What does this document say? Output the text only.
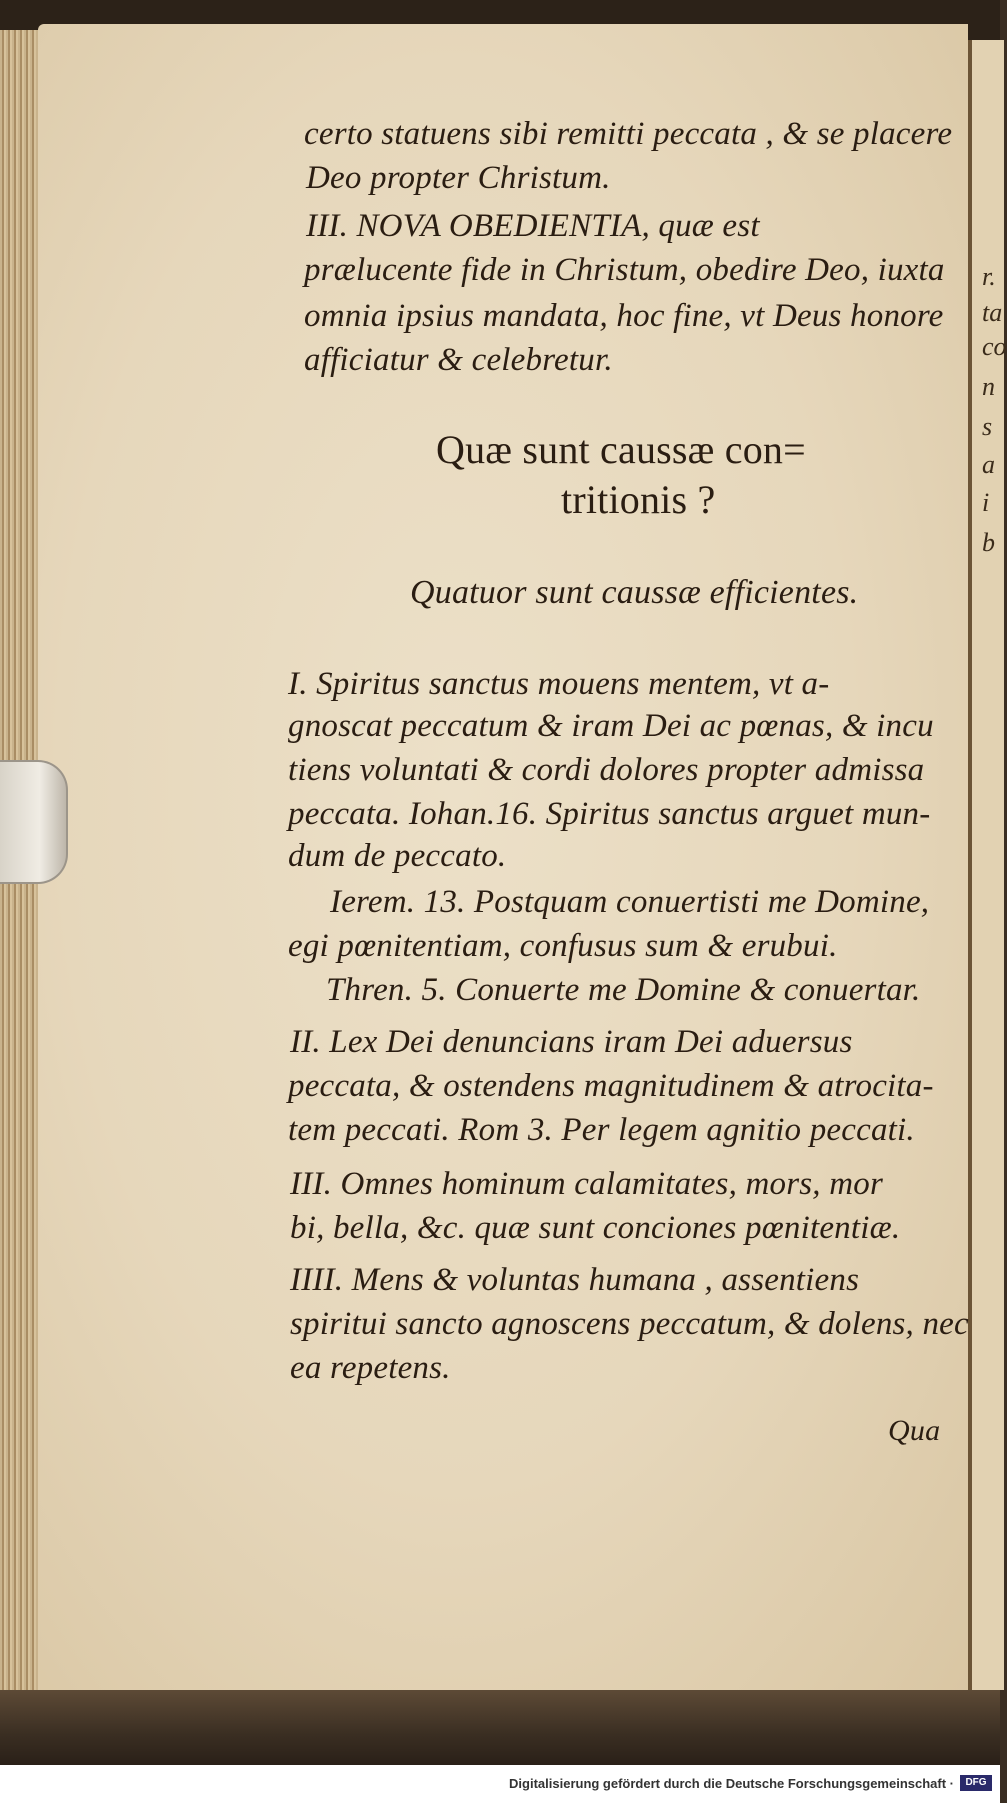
r.
ta
co
n
s
a
i
b
certo statuens sibi remitti peccata , & se placere
Deo propter Christum.
III. NOVA OBEDIENTIA, quæ est
prælucente fide in Christum, obedire Deo, iuxta
omnia ipsius mandata, hoc fine, vt Deus honore
afficiatur & celebretur.
Quæ sunt caussæ con=
tritionis ?
Quatuor sunt caussæ efficientes.
I. Spiritus sanctus mouens mentem, vt a-
gnoscat peccatum & iram Dei ac pœnas, & incu
tiens voluntati & cordi dolores propter admissa
peccata. Iohan.16. Spiritus sanctus arguet mun-
dum de peccato.
Ierem. 13. Postquam conuertisti me Domine,
egi pœnitentiam, confusus sum & erubui.
Thren. 5. Conuerte me Domine & conuertar.
II. Lex Dei denuncians iram Dei aduersus
peccata, & ostendens magnitudinem & atrocita-
tem peccati. Rom 3. Per legem agnitio peccati.
III. Omnes hominum calamitates, mors, mor
bi, bella, &c. quæ sunt conciones pœnitentiæ.
IIII. Mens & voluntas humana , assentiens
spiritui sancto agnoscens peccatum, & dolens, nec
ea repetens.
Qua
Digitalisierung gefördert durch die Deutsche Forschungsgemeinschaft ·	DFG
